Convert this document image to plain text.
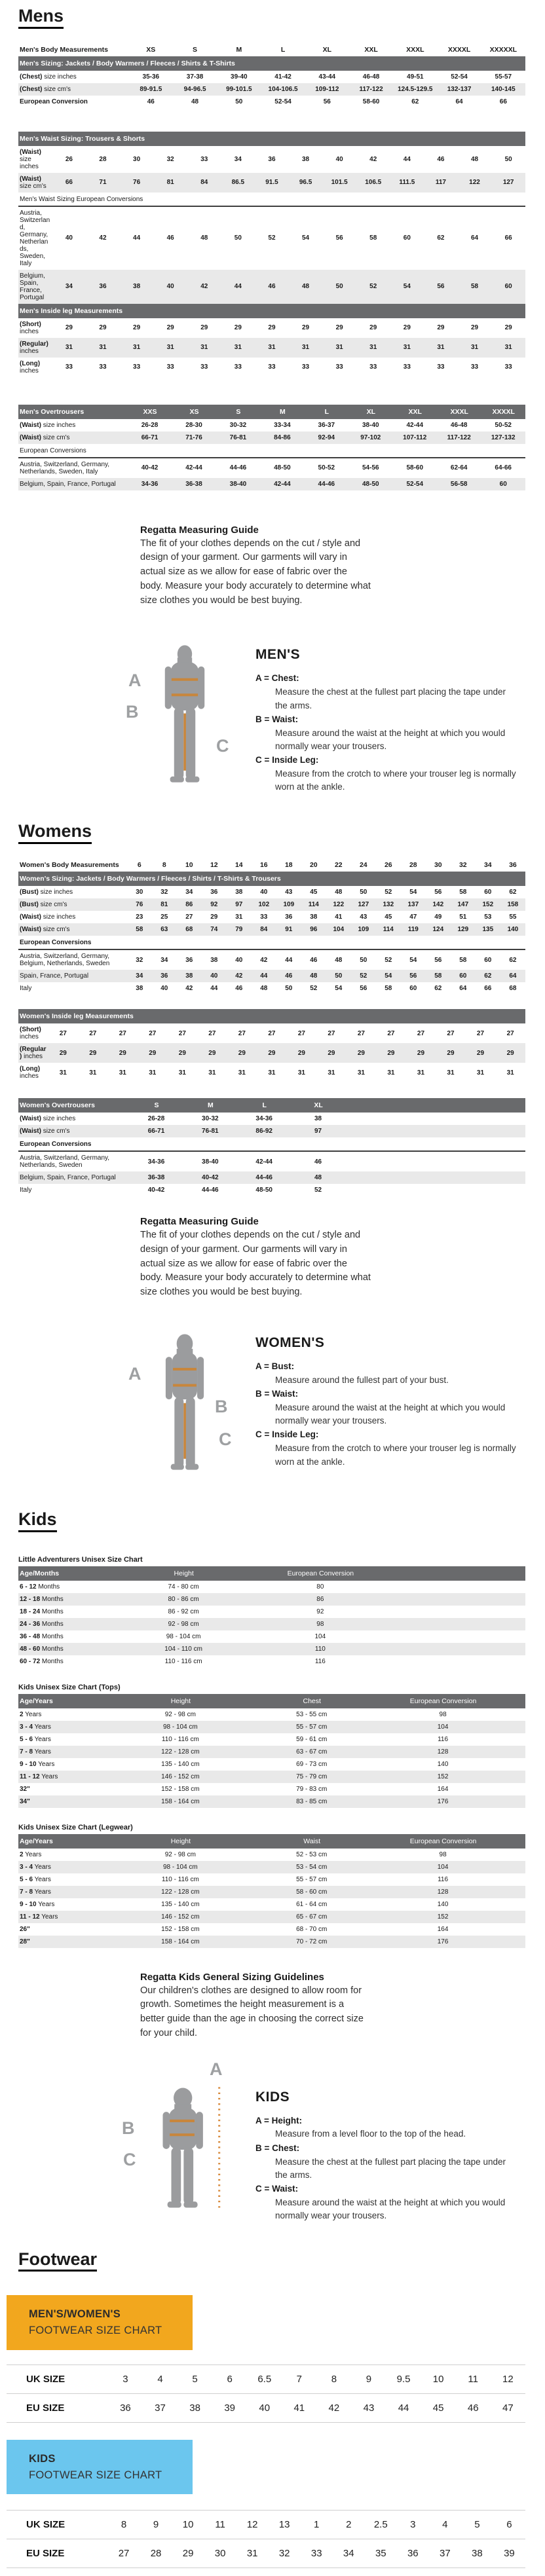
Mens
Men's Body Measurements	XS	S	M	L	XL	XXL	XXXL	XXXXL	XXXXXL
Men's Sizing: Jackets / Body Warmers / Fleeces / Shirts & T-Shirts									
(Chest) size inches	35-36	37-38	39-40	41-42	43-44	46-48	49-51	52-54	55-57
(Chest) size cm's	89-91.5	94-96.5	99-101.5	104-106.5	109-112	117-122	124.5-129.5	132-137	140-145
European Conversion	46	48	50	52-54	56	58-60	62	64	66
Men's Waist Sizing: Trousers & Shorts														
(Waist) size inches	26	28	30	32	33	34	36	38	40	42	44	46	48	50
(Waist) size cm's	66	71	76	81	84	86.5	91.5	96.5	101.5	106.5	111.5	117	122	127
Men's Waist Sizing European Conversions														
Austria, Switzerland, Germany, Netherlands, Sweden, Italy	40	42	44	46	48	50	52	54	56	58	60	62	64	66
Belgium, Spain, France, Portugal	34	36	38	40	42	44	46	48	50	52	54	56	58	60
Men's Inside leg Measurements														
(Short) inches	29	29	29	29	29	29	29	29	29	29	29	29	29	29
(Regular) inches	31	31	31	31	31	31	31	31	31	31	31	31	31	31
(Long) inches	33	33	33	33	33	33	33	33	33	33	33	33	33	33
Men's Overtrousers	XXS	XS	S	M	L	XL	XXL	XXXL	XXXXL
(Waist) size inches	26-28	28-30	30-32	33-34	36-37	38-40	42-44	46-48	50-52
(Waist) size cm's	66-71	71-76	76-81	84-86	92-94	97-102	107-112	117-122	127-132
European Conversions									
Austria, Switzerland, Germany, Netherlands, Sweden, Italy	40-42	42-44	44-46	48-50	50-52	54-56	58-60	62-64	64-66
Belgium, Spain, France, Portugal	34-36	36-38	38-40	42-44	44-46	48-50	52-54	56-58	60
Regatta Measuring Guide
The fit of your clothes depends on the cut / style and design of your garment. Our garments will vary in actual size as we allow for ease of fabric over the body. Measure your body accurately to determine what size clothes you would be best buying.
A
B
C
MEN'S
A = Chest:
Measure the chest at the fullest part placing the tape under the arms.
B = Waist:
Measure around the waist at the height at which you would normally wear your trousers.
C = Inside Leg:
Measure from the crotch to where your trouser leg is normally worn at the ankle.
Womens
Women's Body Measurements	6	8	10	12	14	16	18	20	22	24	26	28	30	32	34	36
Women's Sizing: Jackets / Body Warmers / Fleeces / Shirts / T-Shirts & Trousers																
(Bust) size inches	30	32	34	36	38	40	43	45	48	50	52	54	56	58	60	62
(Bust) size cm's	76	81	86	92	97	102	109	114	122	127	132	137	142	147	152	158
(Waist) size inches	23	25	27	29	31	33	36	38	41	43	45	47	49	51	53	55
(Waist) size cm's	58	63	68	74	79	84	91	96	104	109	114	119	124	129	135	140
European Conversions																
Austria, Switzerland, Germany, Belgium, Netherlands, Sweden	32	34	36	38	40	42	44	46	48	50	52	54	56	58	60	62
Spain, France, Portugal	34	36	38	40	42	44	46	48	50	52	54	56	58	60	62	64
Italy	38	40	42	44	46	48	50	52	54	56	58	60	62	64	66	68
Women's Inside leg Measurements																
(Short) inches	27	27	27	27	27	27	27	27	27	27	27	27	27	27	27	27
(Regular) inches	29	29	29	29	29	29	29	29	29	29	29	29	29	29	29	29
(Long) inches	31	31	31	31	31	31	31	31	31	31	31	31	31	31	31	31
Women's Overtrousers	S	M	L	XL	
(Waist) size inches	26-28	30-32	34-36	38	
(Waist) size cm's	66-71	76-81	86-92	97	
European Conversions					
Austria, Switzerland, Germany, Netherlands, Sweden	34-36	38-40	42-44	46	
Belgium, Spain, France, Portugal	36-38	40-42	44-46	48	
Italy	40-42	44-46	48-50	52	
Regatta Measuring Guide
The fit of your clothes depends on the cut / style and design of your garment. Our garments will vary in actual size as we allow for ease of fabric over the body. Measure your body accurately to determine what size clothes you would be best buying.
A
B
C
WOMEN'S
A = Bust:
Measure around the fullest part of your bust.
B = Waist:
Measure around the waist at the height at which you would normally wear your trousers.
C = Inside Leg:
Measure from the crotch to where your trouser leg is normally worn at the ankle.
Kids
Little Adventurers Unisex Size Chart
Age/Months	Height	European Conversion	
6 - 12 Months	74 - 80 cm	80	
12 - 18 Months	80 - 86 cm	86	
18 - 24 Months	86 - 92 cm	92	
24 - 36 Months	92 - 98 cm	98	
36 - 48 Months	98 - 104 cm	104	
48 - 60 Months	104 - 110 cm	110	
60 - 72 Months	110 - 116 cm	116	
Kids Unisex Size Chart (Tops)
Age/Years	Height	Chest	European Conversion	
2 Years	92 - 98 cm	53 - 55 cm	98	
3 - 4 Years	98 - 104 cm	55 - 57 cm	104	
5 - 6 Years	110 - 116 cm	59 - 61 cm	116	
7 - 8 Years	122 - 128 cm	63 - 67 cm	128	
9 - 10 Years	135 - 140 cm	69 - 73 cm	140	
11 - 12 Years	146 - 152 cm	75 - 79 cm	152	
32"	152 - 158 cm	79 - 83 cm	164	
34"	158 - 164 cm	83 - 85 cm	176	
Kids Unisex Size Chart (Legwear)
Age/Years	Height	Waist	European Conversion	
2 Years	92 - 98 cm	52 - 53 cm	98	
3 - 4 Years	98 - 104 cm	53 - 54 cm	104	
5 - 6 Years	110 - 116 cm	55 - 57 cm	116	
7 - 8 Years	122 - 128 cm	58 - 60 cm	128	
9 - 10 Years	135 - 140 cm	61 - 64 cm	140	
11 - 12 Years	146 - 152 cm	65 - 67 cm	152	
26"	152 - 158 cm	68 - 70 cm	164	
28"	158 - 164 cm	70 - 72 cm	176	
Regatta Kids General Sizing Guidelines
Our children's clothes are designed to allow room for growth. Sometimes the height measurement is a better guide than the age in choosing the correct size for your child.
A
B
C
KIDS
A = Height:
Measure from a level floor to the top of the head.
B = Chest:
Measure the chest at the fullest part placing the tape under the arms.
C = Waist:
Measure around the waist at the height at which you would normally wear your trousers.
Footwear
MEN'S/WOMEN'S
FOOTWEAR SIZE CHART
UK SIZE	3	4	5	6	6.5	7	8	9	9.5	10	11	12
EU SIZE	36	37	38	39	40	41	42	43	44	45	46	47
KIDS
FOOTWEAR SIZE CHART
UK SIZE	8	9	10	11	12	13	1	2	2.5	3	4	5	6
EU SIZE	27	28	29	30	31	32	33	34	35	36	37	38	39
